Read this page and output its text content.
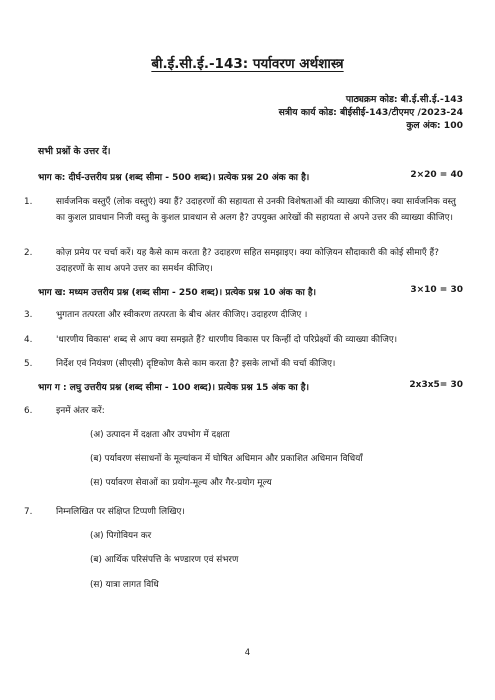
बी.ई.सी.ई.-143: पर्यावरण अर्थशास्त्र
पाठ्यक्रम कोड: बी.ई.सी.ई.-143
सत्रीय कार्य कोड: बीईसीई-143/टीएमए /2023-24
कुल अंक: 100
सभी प्रश्नों के उत्तर दें।
भाग क: दीर्घ-उत्तरीय प्रश्न (शब्द सीमा - 500 शब्द)। प्रत्येक प्रश्न 20 अंक का है।	2×20 = 40
1.	सार्वजनिक वस्तुएँ (लोक वस्तुएं) क्या हैं? उदाहरणों की सहायता से उनकी विशेषताओं की व्याख्या कीजिए। क्या सार्वजनिक वस्तु का कुशल प्रावधान निजी वस्तु के कुशल प्रावधान से अलग है? उपयुक्त आरेखों की सहायता से अपने उत्तर की व्याख्या कीजिए।
2.	कोज़ प्रमेय पर चर्चा करें। यह कैसे काम करता है? उदाहरण सहित समझाइए। क्या कोज़ियन सौदाकारी की कोई सीमाएँ हैं? उदाहरणों के साथ अपने उत्तर का समर्थन कीजिए।
भाग ख: मध्यम उत्तरीय प्रश्न (शब्द सीमा - 250 शब्द)। प्रत्येक प्रश्न 10 अंक का है।	3×10 = 30
3.	भुगतान तत्परता और स्वीकरण तत्परता के बीच अंतर कीजिए। उदाहरण दीजिए ।
4.	'धारणीय विकास' शब्द से आप क्या समझते हैं? धारणीय विकास पर किन्हीं दो परिप्रेक्ष्यों की व्याख्या कीजिए।
5.	निर्देश एवं नियंत्रण (सीएसी) दृष्टिकोण कैसे काम करता है? इसके लाभों की चर्चा कीजिए।
भाग ग : लघु उत्तरीय प्रश्न (शब्द सीमा - 100 शब्द)। प्रत्येक प्रश्न 15 अंक का है।	2x3x5= 30
6.	इनमें अंतर करें:
(अ) उत्पादन में दक्षता और उपभोग में दक्षता
(ब) पर्यावरण संसाधनों के मूल्यांकन में घोषित अधिमान और प्रकाशित अधिमान विधियाँ
(स) पर्यावरण सेवाओं का प्रयोग-मूल्य और गैर-प्रयोग मूल्य
7.	निम्नलिखित पर संक्षिप्त टिप्पणी लिखिए।
(अ) पिगोवियन कर
(ब) आर्थिक परिसंपत्ति के भण्डारण एवं संभरण
(स) यात्रा लागत विधि
4
